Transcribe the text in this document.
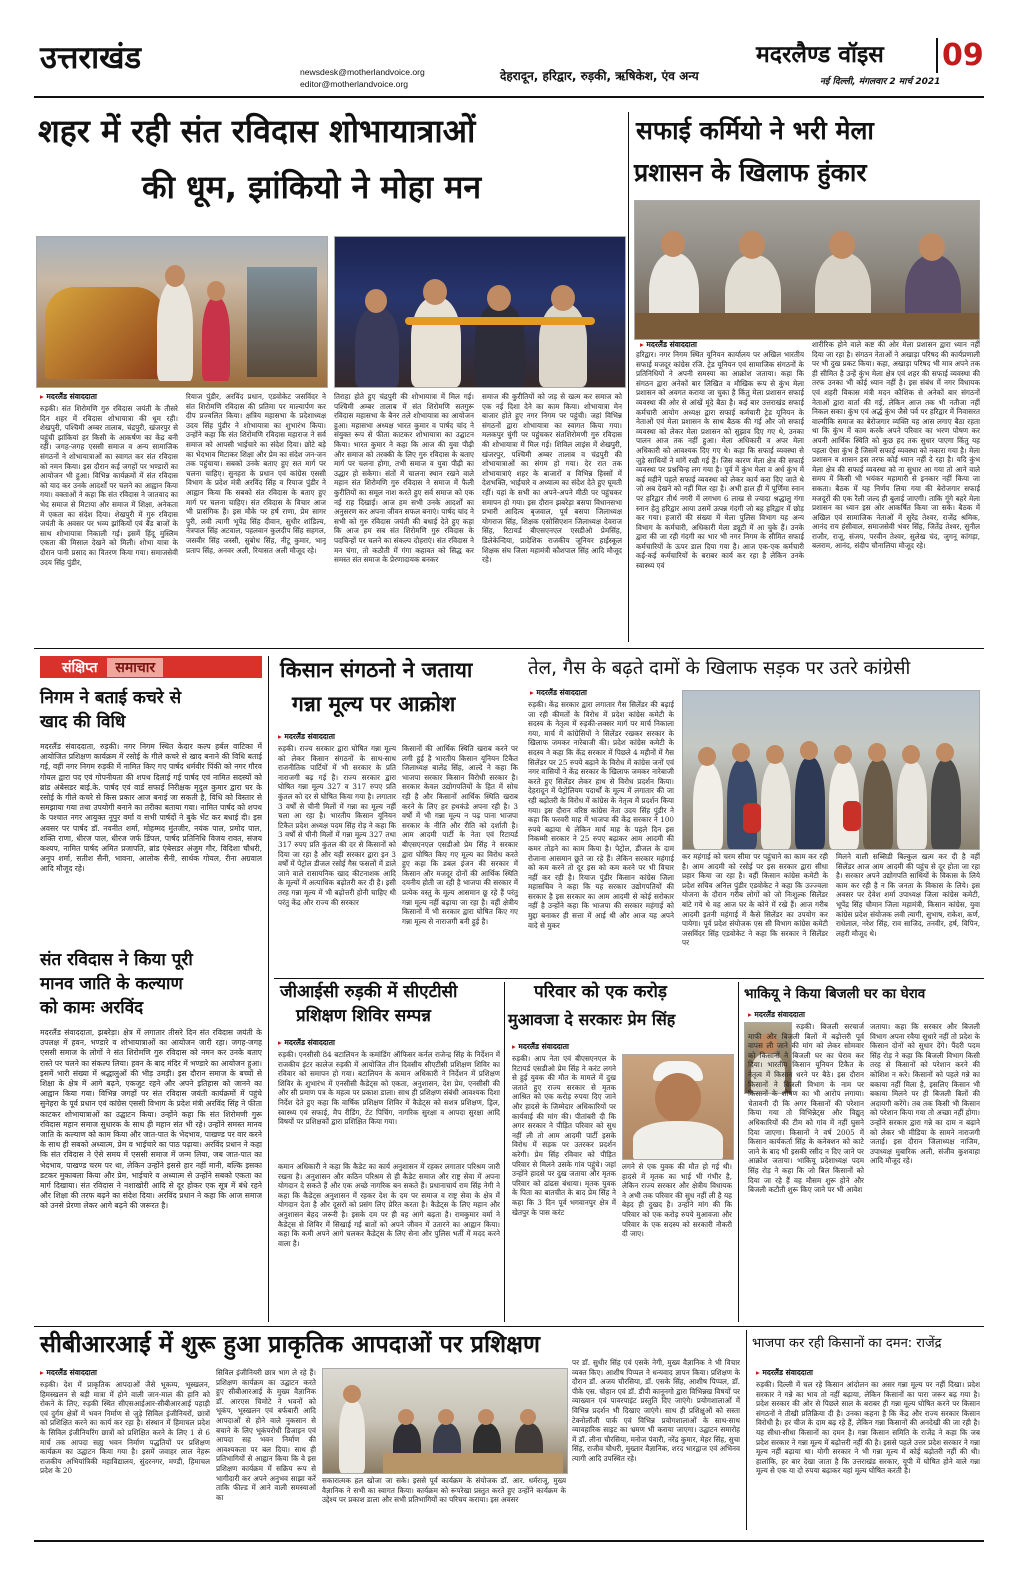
उत्तराखंड	newsdesk@motherlandvoice.org
editor@motherlandvoice.org
देहरादून, हरिद्वार, रुड़की, ऋषिकेश, एंव अन्य
मदरलैण्ड वॉइस 09
नई दिल्ली, मंगलवार 2 मार्च 2021
शहर में रही संत रविदास शोभायात्राओं
की धूम, झांकियो ने मोहा मन
▸ मदरलैंड संवाददाता
रुड़की। संत शिरोमणि गुरु रविदास जयंती के तीसरे दिन शहर में रविदास शोभायात्रा की धूम रही। शेखपुरी, पश्चिमी अम्बर तालाब, चंद्रपुरी, खंजरपुर से पहुंची झांकियां हर किसी के आकर्षण का केंद्र बनी रहीं। जगह-जगह एससी समाज व अन्य सामाजिक संगठनों ने शोभायात्राओं का स्वागत कर संत रविदास को नमन किया। इस दौरान कई जगहों पर भण्डारों का आयोजन भी हुआ। विभिन्न कार्यक्रमों में संत रविदास को याद कर उनके आदर्शों पर चलने का आह्वान किया गया। वक्ताओं ने कहा कि संत रविदास ने जातवाद का भेद समाज से मिटाया और समाज में शिक्षा, अनेकता में एकता का संदेश दिया। शेखपुरी में गुरु रविदास जयंती के अवसर पर भव्य झांकियों एवं बैंड बाजों के साथ शोभायात्रा निकाली गई। इसमें हिंदू मुस्लिम एकता की मिसाल देखने को मिली। शोभा यात्रा के दौरान पानी प्रसाद का वितरण किया गया। समाजसेवी उदय सिंह पुंडीर,
रियाज पुंडीर, अरविंद प्रधान, एडवोकेट जसविंदर ने संत शिरोमणि रविदास की प्रतिमा पर माल्यार्पण कर दीप प्रज्वलित किया। क्षत्रिय महासभा के प्रदेशाध्यक्ष उदय सिंह पुंडीर ने शोभायात्रा का शुभारंभ किया। उन्होंने कहा कि संत शिरोमणि रविदास महाराज ने सर्व समाज को आपसी भाईचारे का संदेश दिया। छोटे बड़े का भेदभाव मिटाकर शिक्षा और प्रेम का संदेश जन-जन तक पहुंचाया। सबको उनके बताए हुए सत मार्ग पर चलना चाहिए। सुनहरा के प्रधान एवं कांग्रेस एससी विभाग के प्रदेश मंत्री अरविंद सिंह व रियाज पुंडीर ने आह्वान किया कि सबको संत रविदास के बताए हुए मार्ग पर चलना चाहिए। संत रविदास के विचार आज भी प्रासंगिक हैं। इस मौके पर हर्ष राणा, प्रेम सागर पुरी, लवी त्यागी भूपेंद्र सिंह दीवान, सुधीर शांडिल्य, नेत्रपाल सिंह अटवाल, पहलवान कुलदीप सिंह सहगल, जसवीर सिंह जस्सी, सुबोध सिंह, नीटू कुमार, भानू प्रताप सिंह, अनवर अली, रियासत अली मौजूद रहे।
तिराहा होते हुए चंद्रपुरी की शोभायात्रा में मिल गई। पश्चिमी अम्बर तालाब में संत शिरोमणि सतगुरू रविदास महासभा के बैनर तले शोभायात्रा का आयोजन हुआ। महासभा अध्यक्ष भारत कुमार व पार्षद चांद ने संयुक्त रूप से फीता काटकर शोभायात्रा का उद्घाटन किया। भारत कुमार ने कहा कि आज की युवा पीढ़ी और समाज को तरक्की के लिए गुरु रविदास के बताए मार्ग पर चलना होगा, तभी समाज व युवा पीढ़ी का उद्धार हो सकेगा। संतों में चालना स्थान रखने वाले महान संत शिरोमणि गुरु रविदास ने समाज में फैली कुरीतियों का समूल नाश करते हुए सर्व समाज को एक नई राह दिखाई। आज हम सभी उनके आदर्शों का अनुसरण कर अपना जीवन सफल बनाएं। पार्षद चांद ने सभी को गुरु रविदास जयंती की बधाई देते हुए कहा कि आज हम सब संत शिरोमणि गुरु रविदास के पदचिन्हों पर चलने का संकल्प दोहराएं। संत रविदास ने मन चंगा, तो कठौती में गंगा कहावत को सिद्ध कर समस्त संत समाज के प्रेरणादायक बनकर
समाज की कुरीतियों को जड़ से खत्म कर समाज को एक नई दिशा देने का काम किया। शोभायात्रा मेन बाजार होते हुए नगर निगम पर पहुंची। जहां विभिन्न संगठनों द्वारा शोभायात्रा का स्वागत किया गया। मलकपुर चुंगी पर पहुंचकर संतशिरोमणी गुरु रविदास की शोभायात्रा में मिल गई। शिविल लाइंस में शेखपुरी, खंजरपुर, पश्चिमी अम्बर तालाब व चंद्रपुरी की शोभायात्राओं का संगम हो गया। देर रात तक शोभायात्राएं शहर के बाजारों व विभिन्न हिस्सों में देशभक्ति, भाईचारे व अध्यात्म का संदेश देते हुए घूमती रहीं। यहां के सभी का अपने-अपने मीठी पर पहुंचकर समापन हो गया। इस दौरान झबरेड़ा बसपा विधानसभा प्रभारी आदित्य बृजवाल, पूर्व बसपा जिलाध्यक्ष योगराज सिंह, शिक्षक एसोसिएशन जिलाध्यक्ष देवराज सिंह, रिटायर्ड बीएसएनएल एसडीओ प्रेमसिंह, डिलेकेन्दिया, प्रादेशिक राजकीय जूनियर हाईस्कूल शिक्षक संघ जिला महामंत्री कौशपाल सिंह आदि मौजूद रहे।
सफाई कर्मियो ने भरी मेला
प्रशासन के खिलाफ हुंकार
▸ मदरलैंड संवाददाता
हरिद्वार। नगर निगम स्थित यूनियन कार्यालय पर अखिल भारतीय सफाई मजदूर कांग्रेस रजि. ट्रेड यूनियन एवं सामाजिक संगठनों के प्रतिनिधियों ने अपनी समस्या का आक्रोश जताया। कहा कि संगठन द्वारा अनेकों बार लिखित व मौखिक रूप से कुंभ मेला प्रशासन को अवगत कराया जा चुका है किंतु मेला प्रशासन सफाई व्यवस्था की ओर से आंखें मूंदे बैठा है। कई बार उत्तराखंड सफाई कर्मचारी आयोग अध्यक्ष द्वारा सफाई कर्मचारी ट्रेड यूनियन के नेताओं एवं मेला प्रशासन के साथ बैठक की गई और जो सफाई व्यवस्था को लेकर मेला प्रशासन को सुझाव दिए गए थे, उनका पालन आज तक नहीं हुआ। मेला अधिकारी व अपर मेला अधिकारी को आवश्यक दिए गए थे। कहा कि सफाई व्यवस्था से जुड़े साथियों ने मांगें रखी गई हैं। जिस कारण मेला क्षेत्र की सफाई व्यवस्था पर प्रश्नचिन्ह लग गया है। पूर्व में कुंभ मेला व अर्ध कुंभ में कई महीने पहले सफाई व्यवस्था को लेकर कार्य करा दिए जाते थे जो अब देखने को नहीं मिल रहा है। अभी हाल ही में पूर्णिमा स्नान पर हरिद्वार तीर्थ नगरी में लगभग 6 लाख से ज्यादा श्रद्धालु गंगा स्नान हेतु हरिद्वार आया उसमें उत्पन्न गंदगी जो बह हरिद्वार में छोड़ कर गया। हजारों की संख्या में मेला पुलिस विभाग यह अन्य विभाग के कर्मचारी, अधिकारी मेला ड्यूटी में आ चुके हैं। उनके द्वारा की जा रही गंदगी का भार भी नगर निगम के सीमित सफाई कर्मचारियों के ऊपर डाल दिया गया है। आज एक-एक कर्मचारी कई-कई कर्मचारियों के बराबर कार्य कर रहा है लेकिन उनके स्वास्थ्य एवं
शारीरिक होने वाले कष्ट की ओर मेला प्रशासन द्वारा ध्यान नहीं दिया जा रहा है। संगठन नेताओं ने अखाड़ा परिषद की कार्यप्रणाली पर भी दुख प्रकट किया। कहा, अखाड़ा परिषद भी मात्र अपने तक ही सीमित है उन्हें कुंभ मेला क्षेत्र एवं शहर की सफाई व्यवस्था की तरफ उनका भी कोई ध्यान नहीं है। इस संबंध में नगर विधायक एवं शहरी विकास मंत्री मदन कौशिक से अनेकों बार संगठनों नेताओं द्वारा वार्ता की गई, लेकिन आज तक भी नतीजा नहीं निकल सका। कुंभ एवं अर्द्ध कुंभ जैसे पर्व पर हरिद्वार में निवासरत वाल्मीकि समाज का बेरोजगार व्यक्ति यह आस लगाए बैठा रहता था कि कुंभ में काम करके अपने परिवार का भरण पोषण कर अपनी आर्थिक स्थिति को कुछ हद तक सुधार पाएगा किंतु यह पहला ऐसा कुंभ है जिसमें सफाई व्यवस्था को नकारा गया है। मेला प्रशासन व शासन इस तरफ कोई ध्यान नहीं दे रहा है। यदि कुंभ मेला क्षेत्र की सफाई व्यवस्था को ना सुधार आ गया तो आने वाले समय में किसी भी भयंकर महामारी से इनकार नहीं किया जा सकता। बैठक में यह निर्णय लिया गया की बेरोजगार सफाई मजदूरों की एक रैली जल्द ही बुलाई जाएगी। ताकि गूंगे बहरे मेला प्रशासन का ध्यान इस ओर आकर्षित किया जा सके। बैठक में अखिल एवं सामाजिक नेताओं में सुरेंद्र तेश्वर, राजेंद्र श्रमिक, आनंद राय हंसीवाल, समाजसेवी भंवर सिंह, जितेंद्र तेश्वर, सुनील राजौर, राजू, संजय, परवीन तेश्वर, सुलेख चंद, जुगनू कांगड़ा, बलराम, आनंद, संदीप चौनालिया मौजूद रहे।
संक्षिप्त	समाचार
निगम ने बताई कचरे से
खाद की विधि
मदरलैंड संवाददाता, रुड़की। नगर निगम स्थित केदार कल्प हर्बल वाटिका में आयोजित प्रशिक्षण कार्यक्रम में रसोई के गीले कचरे से खाद बनाने की विधि बताई गई, वहीं नगर निगम रुड़की में नामित किए गए पार्षद धर्मवीर पिंकी को नगर गौरव गोयल द्वारा पद एवं गोपनीयता की शपथ दिलाई गई पार्षद एवं नामित सदस्यों को ब्रांड अंबेसडर बाई.के. पार्षद एवं वार्ड सफाई निरीक्षक मृदुल कुमार द्वारा घर के रसोई के गीले कचरे से किस प्रकार आज बनाई जा सकती है, विधि को विस्तार से समझाया गया तथा उपयोगी बनाने का तरीका बताया गया। नामित पार्षद को शपथ के पश्चात नगर आयुक्त नूपुर वर्मा व सभी पार्षदों ने बुके भेंट कर बधाई दी। इस अवसर पर पार्षद डॉ. नवनीत शर्मा, मोहम्मद मुंतजीर, नयंक पाल, प्रमोद पाल, शक्ति राणा, धीरज पाल, धीरज जर्फ डिंपल, पार्षद प्रतिनिधि विजय रावत, संजय कश्यप, नामित पार्षद अमित प्रजापति, ब्रांड एंबेसडर अंजुम गौर, विदिशा चौधरी, अनूप शर्मा, सतीश सैनी, भावना, आलोक सैनी, सार्थक गोयल, रीना अग्रवाल आदि मौजूद रहे।
संत रविदास ने किया पूरी
मानव जाति के कल्याण
को कामः अरविंद
मदरलैंड संवाददाता, झबरेड़ा। क्षेत्र में लगातार तीसरे दिन संत रविदास जयंती के उपलक्ष में हवन, भण्डारे व शोभायात्राओं का आयोजन जारी रहा। जगह-जगह एससी समाज के लोगों ने संत शिरोमणि गुरु रविदास को नमन कर उनके बताए रास्ते पर चलने का संकल्प लिया। हवन के बाद मंदिर में भण्डारे का आयोजन हुआ। इसमें भारी संख्या में श्रद्धालुओं की भीड़ उमड़ी। इस दौरान समाज के बच्चों से शिक्षा के क्षेत्र में आगे बढ़ने, एकजुट रहने और अपने इतिहास को जानने का आह्वान किया गया। विभिन्न जगहों पर संत रविदास जयंती कार्यक्रमों में पहुंचे सुनेहरा के पूर्व प्रधान एवं कांग्रेस एससी विभाग के प्रदेश मंत्री अरविंद सिंह ने फीता काटकर शोभायात्राओं का उद्घाटन किया। उन्होंने कहा कि संत शिरोमणी गुरू रविदास महान समाज सुधारक के साथ ही महान संत भी रहे। उन्होंने समस्त मानव जाति के कल्याण को काम किया और जात-पात के भेदभाव, पाखण्ड पर वार करने के साथ ही सबको अध्यात्म, प्रेम व भाईचारे का पाठ पढ़ाया। अरविंद प्रधान ने कहा कि संत रविदास ने ऐसे समय में एससी समाज में जन्म लिया, जब जात-पात का भेदभाव, पाखण्ड चरम पर था, लेकिन उन्होंने इससे हार नहीं मानी, बल्कि इसका डटकर मुकाबला किया और प्रेम, भाईचारे व अध्यात्म से उन्होंने सबको एकता का मार्ग दिखाया। संत रविदास ने नशाखोरी आदि से दूर होकर एक सूत्र में बंधे रहने और शिक्षा की तरफ बढ़ने का संदेश दिया। अरविंद प्रधान ने कहा कि आज समाज को उनसे प्रेरणा लेकर आगे बढ़ने की जरूरत है।
किसान संगठनो ने जताया
गन्ना मूल्य पर आक्रोश
▸ मदरलैंड संवाददाता
रुड़की। राज्य सरकार द्वारा घोषित गन्ना मूल्य को लेकर किसान संगठनों के साथ-साथ राजनीतिक पार्टियों में भी सरकार के प्रति नाराजगी बढ़ गई है। राज्य सरकार द्वारा घोषित गन्ना मूल्य 327 व 317 रुपए प्रति कुंतल को दर से घोषित किया गया है। लगातार 3 वर्षों से चीनी मिलों में गन्ना का मूल्य नहीं चला आ रहा है। भारतीय किसान यूनियन टिकैत प्रदेश अध्यक्ष पदम सिंह रोड़ ने कहा कि 3 वर्षों से चीनी मिलों में गन्ना मूल्य 327 तथा 317 रुपए प्रति कुंतल की दर से किसानों को दिया जा रहा है और यही सरकार द्वारा इन 3 वर्षों में पेट्रोल डीजल रसोई गैस फसलों में डाले जाने वाले रासायनिक खाद कीटनाशक आदि के मूल्यों में अत्याधिक बढ़ोतरी कर दी है। इसी तरह गन्ना मूल्य में भी बढ़ोत्तरी होनी चाहिए थी परंतु केंद्र और राज्य की सरकार
किसानों की आर्थिक स्थिति खराब करने पर लगी हुई है भारतीय किसान यूनियन टिकैत जिलाध्यक्ष बालेंद्र सिंह, आल्दे ने कहा कि भाजपा सरकार किसान विरोधी सरकार है। सरकार केवल उद्योगपतियों के हित में सोच रही है और किसानों आर्थिक स्थिति खराब करने के लिए हर हथकंडे अपना रही है। 3 वर्षों में भी गन्ना मूल्य न पढ़ पाना भाजपा सरकार के नीति और रीति को दर्शाती है। आम आदमी पार्टी के नेता एवं रिटायर्ड बीएसएनएल एसडीओ प्रेम सिंह ने सरकार द्वारा घोषित किए गए मूल्य का विरोध करते हुए कहा कि डबल इंजन की सरकार में किसान और मजदूर दोनों की आर्थिक स्थिति दयनीय होती जा रही है भाजपा की सरकार में प्रत्येक वस्तु के मूल्य आसमान छू रहे हैं परंतु गन्ना मूल्य नहीं बढ़ाया जा रहा है। वहीं क्षेत्रीय किसानों में भी सरकार द्वारा घोषित किए गए गन्ना मूल्य से नाराजगी बनी हुई है।
तेल, गैस के बढ़ते दामों के खिलाफ सड़क पर उतरे कांग्रेसी
▸ मदरलैंड संवाददाता
रुड़की। केंद्र सरकार द्वारा लगातार गैस सिलेंडर की बढ़ाई जा रही कीमतों के विरोध में प्रदेश कांग्रेस कमेटी के सदस्य के नेतृत्व में रुड़की-लक्सर मार्ग पर मार्च निकाला गया, मार्च में कांग्रेसियों ने सिलेंडर रखकर सरकार के खिलाफ जमकर नारेबाजी की। प्रदेश कांग्रेस कमेटी के सदस्य ने कहा कि केंद्र सरकार में पिछले 4 महीनों में गैस सिलेंडर पर 25 रुपये बढ़ाने के विरोध में कांग्रेस जनों एवं नगर वासियों ने केंद्र सरकार के खिलाफ जमकर नारेबाजी करते हुए सिलेंडर लेकर हाथ से विरोध प्रदर्शन किया। देहरादून में पेट्रोलियम पदार्थों के मूल्य में लगातार की जा रही बढ़ोतरी के विरोध में कांग्रेस के नेतृत्व में प्रदर्शन किया गया। इस दौरान वरिष्ठ कांग्रेस नेता उदय सिंह पुंडीर ने कहा कि फरवरी माह में भाजपा की केंद्र सरकार ने 100 रुपये बढ़ाया थे लेकिन मार्च माह के पहले दिन इस निकम्मी सरकार ने 25 रुपए बढ़ाकर आम आदमी की कमर तोड़ने का काम किया है। पेट्रोल, डीजल के दाम रोजाना आसमान छूते जा रहे हैं। लेकिन सरकार महंगाई को कम करने तो दूर इस को कम करने पर भी विचार नहीं कर रही है। रियाज पुंडीर किसान कांग्रेस जिला महासचिव ने कहा कि यह सरकार उद्योगपतियों की सरकार है इस सरकार का आम आदमी से कोई सरोकार नहीं है उन्होंने कहा कि भाजपा की सरकार महंगाई को मुद्दा बनाकर ही सत्ता में आई थी और आज यह अपने वादे से मुकर
कर महंगाई को चरम सीमा पर पहुंचाने का काम कर रही है। आम आदमी को रसोई पर इस सरकार द्वारा सीधा प्रहार किया जा रहा है। वहीं किसान कांग्रेस कमेटी के प्रदेश सचिव अनिल पुंडीर एडवोकेट ने कहा कि उज्ज्वला योजना के दौरान गरीब लोगों को जो निःशुल्क सिलेंडर बांटे गये थे वह आज घर के कोने में रखे हैं। आज गरीब आदमी इतनी महंगाई में कैसे सिलेंडर का उपयोग कर पायेगा। पूर्व प्रदेश संयोजक एस सी विभाग कांग्रेस कमेटी जसविंदर सिंह एडवोकेट ने कहा कि सरकार ने सिलेंडर पर
मिलने वाली सब्सिडी बिल्कुल खत्म कर दी है वहीं सिलेंडर आज आम आदमी की पहुंच से दूर होता जा रहा है। सरकार अपने उद्योगपति साथियों के विकास के लिये काम कर रही है न कि जनता के विकास के लिये। इस अवसर पर देवेश शर्मा उपाध्यक्ष जिला कांग्रेस कमेटी, भूपेंद्र सिंह चौमान जिला महामंत्री, किसान कांग्रेस, युवा कांग्रेस प्रदेश संयोजक लवी त्यागी, सुभाष, राकेश, कर्ण, राधेलाल, नरेश सिंह, राव साजिद, तनवीर, हर्ष, विपिन, लहरी मौजूद थे।
जीआईसी रुड़की में सीएटीसी
प्रशिक्षण शिविर सम्पन्न
▸ मदरलैंड संवाददाता
रुड़की। एनसीसी 84 बटालियन के कमांडिंग ऑफिसर कर्नल राजेन्द्र सिंह के निर्देशन में राजकीय इंटर कालेज रुड़की में आयोजित तीन दिवसीय सीएटीसी प्रशिक्षण शिविर का रविवार को समापन हो गया। बटालियन के कमान अधिकारी ने निर्देशन में प्रशिक्षण शिविर के शुभारंभ में एनसीसी कैडेट्स को एकता, अनुशासन, देश प्रेम, एनसीसी की और सी प्रमाण पत्र के महत्व पर प्रकाश डाला। साथ ही प्रशिक्षण संबंधी आवश्यक दिशा निर्देश देते हुए कहा कि वार्षिक प्रशिक्षण शिविर में कैडेट्स को सशत्र प्रशिक्षण, ड्रिल, स्वास्थ्य एवं सफाई, मैप रीडिंग, टेंट पिचिंग, नागरिक सुरक्षा व आपदा सुरक्षा आदि विषयों पर प्रशिक्षकों द्वारा प्रशिक्षित किया गया।
कमान अधिकारी ने कहा कि कैडेट का कार्य अनुशासन में रहकर लगातार परिश्रम जारी रखना है। अनुशासन और कठिन परिश्रम से ही कैडेट समाज और राष्ट्र सेवा में अपना योगदान दे सकते हैं और एक अच्छे नागरिक बन सकते हैं। प्रधानाचार्य राम सिंह नेगी ने कहा कि कैडेट्स अनुशासन में रहकर देश के दम पर समाज व राष्ट्र सेवा के क्षेत्र में योगदान देता है और दूसरों को प्रसंग लिए प्रेरित करता है। कैडेट्स के लिए महान और अनुशासन बेहद जरूरी है। इसके दम पर ही वह आगे बढ़ता है। रामकुमार वर्मा ने कैडेट्स से शिविर में सिखाई गई बातों को अपने जीवन में उतारने का आह्वान किया। कहा कि कमी अपने आगे चलकर कैडेट्स के लिए सेना और पुलिस भर्ती में मदद करने वाला है।
परिवार को एक करोड़
मुआवजा दे सरकारः प्रेम सिंह
▸ मदरलैंड संवाददाता
रुड़की। आप नेता एवं बीएसएनएल के रिटायर्ड एसडीओ प्रेम सिंह ने करंट लगने से हुई युवक की मौत के मामले में दुख जताते हुए राज्य सरकार से मृतक आश्रित को एक करोड़ रुपया दिए जाने और हादसे के जिम्मेदार अधिकारियों पर कार्यवाई की मांग की। पीतांबरी दी कि अगर सरकार ने पीड़ित परिवार को सुध नहीं ली तो आम आदमी पार्टी इसके विरोध में सड़क पर उतरकर प्रदर्शन करेगी। प्रेम सिंह रविवार को पीड़ित परिवार से मिलने उसके गांव पहुंचे। जहां उन्होंने हादसे पर दुख जताया और मृतक परिवार को ढांढस बंधाया। मृतक युवक के पिता का बातचीत के बाद प्रेम सिंह ने कहा कि 3 दिन पूर्व भगवानपुर क्षेत्र में खेतपुर के पास करंट
लगने से एक युवक की मौत हो गई थी। हादसे में मृतक का भाई भी गंभीर है, लेकिन राज्य सरकार और क्षेत्रीय विधायक ने अभी तक परिवार की सुध नहीं ली है यह बेहद ही दुखद है। उन्होंने मांग की कि परिवार को एक करोड़ रुपये मुआवजा और परिवार के एक सदस्य को सरकारी नौकरी दी जाए।
भाकियू ने किया बिजली घर का घेराव
▸ मदरलैंड संवाददाता
रुड़की। बिजली सरचार्ज माफी और बिजली बिलों में बढ़ोत्तरी पूर्व वापस ली जाने की मांग को लेकर सोमवार को किसानों ने बिजली घर का घेराव कर दिया। भारतीय किसान यूनियन टिकैत के नेतृत्व में किसान धरने पर बैठे। इस दौरान किसानों ने बिजली विभाग के नाम पर किसानों के शोषण का भी आरोप लगाया। चेतावनी दी कि अगर किसानों की परेशान किया गया तो विभिन्नेट्स और विद्युत् अधिकारियों की टीम को गांव में नहीं घुसने दिया जाएगा। किसानों ने वर्ष 2005 में किसान कार्यकर्ता सिंह के कनेक्शन को काटे जाने के बाद भी इसकी रसीद न दिए जाने पर आक्रोश जताया। भाकियू प्रदेशाध्यक्ष पदम सिंह रोड़ ने कहा कि जो बिल किसानों को दिया जा रहे हैं वह मौसम शुरू होने और बिजली कटौती शुरू किए जाने पर भी आवेश
जताया। कहा कि सरकार और बिजली विभाग अपना रवैया सुधारे नहीं तो प्रदेश के किसान दोनों को सुधार देंगे। पैंदरी पदम सिंह रोड़ ने कहा कि बिजली विभाग किसी तरह से किसानों को परेशान करने की कोशिश न करे। किसानों को पहले गन्ने का बकाया नहीं मिला है, इसलिए किसान भी बकाया मिलने पर ही बिजली बिलों की अदायगी करेंगे। तब तक किसी भी किसान को परेशान किया गया तो अच्छा नहीं होगा। उन्होंने सरकार द्वारा गन्ने का दाम न बढ़ाने को लेकर भी मीडिया के सामने नाराजगी जताई। इस दौरान जिलाध्यक्ष नाजिम, उपाध्यक्ष मुबारिक अली, संजीव कुशवाहा आदि मौजूद रहे।
सीबीआरआई में शुरू हुआ प्राकृतिक आपदाओं पर प्रशिक्षण
▸ मदरलैंड संवाददाता
रुड़की। देश में प्राकृतिक आपदाओं जैसे भूकम्प, भूस्खलन, हिमस्खलन से बड़ी मात्रा में होने वाली जान-माल की हानि को रोकने के लिए, रुड़की स्थित सीएसआईआर-सीबीआरआई पहाड़ी एवं दुर्गम क्षेत्रों में भवन निर्माण से जुड़े सिविल इंजीनियरों, छात्रों को प्रशिक्षित करने का कार्य कर रहा है। संस्थान में हिमाचल प्रदेश के सिविल इंजीनियरिंग छात्रों को प्रशिक्षित करने के लिए 1 से 6 मार्च तक आपदा सह्य भवन निर्माण पद्धतियों पर प्रशिक्षण कार्यक्रम का उद्घाटन किया गया है। इसमें जवाहर लाल नेहरू राजकीय अभियांत्रिकी महाविद्यालय, सुंदरनगर, मण्डी, हिमाचल प्रदेश के 20
सिविल इंजीनियरी छात्र भाग ले रहे हैं। प्रशिक्षण कार्यक्रम का उद्घाटन करते हुए सीबीआरआई के मुख्य वैज्ञानिक डॉ. आरएस चिमोटे ने भवनों को भूकंप, भूस्खलन एवं बर्फबारी आदि आपदाओं से होने वाले नुकसान से बचाने के लिए भूकंपरोधी डिजाइन एवं आपदा सह भवन निर्माण की आवश्यकता पर बल दिया। साथ ही प्रतिभागियों से आह्वान किया कि वे इस प्रशिक्षण कार्यक्रम में सक्रिय रूप से भागीदारी कर अपने अनुभव साझा करें ताकि फील्ड में आने वाली समस्याओं का
सकारात्मक हल खोजा जा सके। इससे पूर्व कार्यक्रम के संयोजक डॉ. आर. धर्मराजू, मुख्य वैज्ञानिक ने सभी का स्वागत किया। कार्यक्रम को रूपरेखा प्रस्तुत करते हुए उन्होंने कार्यक्रम के उद्देश्य पर प्रकाश डाला और सभी प्रतिभागियों का परिचय कराया। इस अवसर
पर डॉ. सुधीर सिंह एवं एसके नेगी, मुख्य वैज्ञानिक ने भी विचार व्यक्त किए। आशीष पिप्पल ने धन्यवाद ज्ञापन किया। प्रशिक्षण के दौरान डॉ. अजय चौरसिया, डॉ. एसके सिंह, आशीष पिप्पल, डॉ. पीके एस. चौहान एवं डॉ. डीपी कानूनगो द्वारा विभिन्नख विषयों पर व्याख्यान एवं पावरपाइंट प्रस्तुति दिए जाएंगे। प्रयोगशालाओं में विभिन्न प्रदर्शन भी दिखाए जाएंगे। साथ ही प्रशिक्षुओं को सस्ता टेक्नोलॉजी पार्क एवं विभिन्न प्रयोगशालाओं के साथ-साथ व्यावहारिक साइट का भ्रमण भी कराया जाएगा। उद्घाटन समारोह में डॉ. लीना चौरसिया, मनोज पंवारी, नरेंद्र कुमार, मेहर सिंह, सुचा सिंह, राजीव चौधरी, मुख्तार वैज्ञानिक, शरद भारद्वाज एवं अभिनव त्यागी आदि उपस्थित रहे।
भाजपा कर रही किसानों का दमन: राजेंद्र
▸ मदरलैंड संवाददाता
रुड़की। दिल्ली में चल रहे किसान आंदोलन का असर गन्ना मूल्य पर नहीं दिखा। प्रदेश सरकार ने गन्ने का भाव तो नहीं बढ़ाया, लेकिन किसानों का पारा जरूर बढ़ गया है। प्रदेश सरकार की ओर से पिछले साल के बराबर ही गन्ना मूल्य घोषित करने पर किसान संगठनों ने तीखी प्रतिक्रिया दी है। उनका कहना है कि केंद्र और राज्य सरकार किसान विरोधी है। हर चीज के दाम बढ़ रहे हैं, लेकिन गन्ना किसानों की अनदेखी की जा रही है। यह सीधा-सीधा किसानों का दमन है। गन्ना किसान समिति के राजेंद्र ने कहा कि जब प्रदेश सरकार ने गन्ना मूल्य में बढ़ोत्तरी नहीं की है। इससे पहले उत्तर प्रदेश सरकार ने गन्ना मूल्य नहीं बढ़ाया था। योगी सरकार ने भी गन्ना मूल्य में कोई बढ़ोतरी नहीं की थी। हालांकि, हर बार देखा जाता है कि उत्तराखंड सरकार, यूपी में घोषित होने वाले गन्ना मूल्य से एक या दो रुपया बढ़ाकर यहां मूल्य घोषित करती है।
